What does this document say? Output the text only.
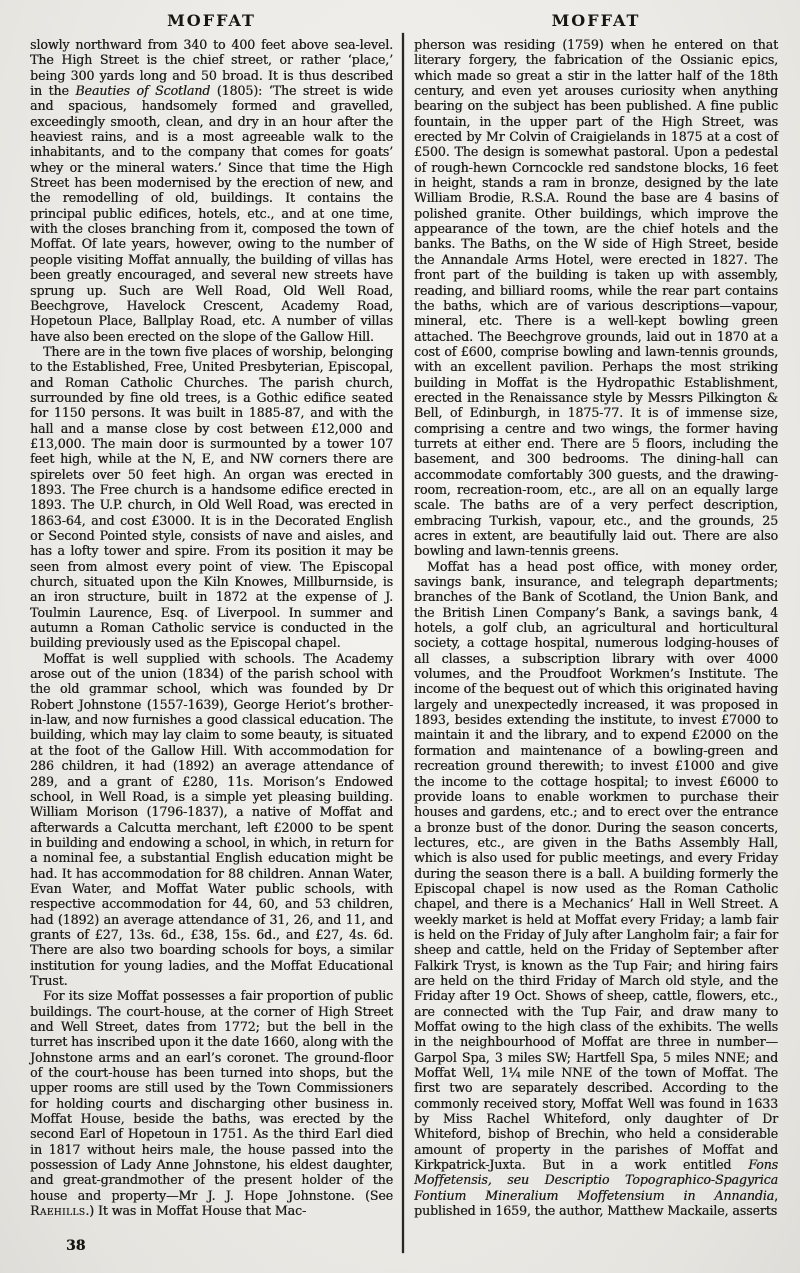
MOFFAT	MOFFAT

slowly northward from 340 to 400 feet above sea-level. The High Street is the chief street, or rather ‘place,’ being 300 yards long and 50 broad. It is thus described in the Beauties of Scotland (1805): ‘The street is wide and spacious, handsomely formed and gravelled, exceedingly smooth, clean, and dry in an hour after the heaviest rains, and is a most agreeable walk to the inhabitants, and to the company that comes for goats’ whey or the mineral waters.’ Since that time the High Street has been modernised by the erection of new, and the remodelling of old, buildings. It contains the principal public edifices, hotels, etc., and at one time, with the closes branching from it, composed the town of Moffat. Of late years, however, owing to the number of people visiting Moffat annually, the building of villas has been greatly encouraged, and several new streets have sprung up. Such are Well Road, Old Well Road, Beechgrove, Havelock Crescent, Academy Road, Hopetoun Place, Ballplay Road, etc. A number of villas have also been erected on the slope of the Gallow Hill.

There are in the town five places of worship, belonging to the Established, Free, United Presbyterian, Episcopal, and Roman Catholic Churches. The parish church, surrounded by fine old trees, is a Gothic edifice seated for 1150 persons. It was built in 1885-87, and with the hall and a manse close by cost between £12,000 and £13,000. The main door is surmounted by a tower 107 feet high, while at the N, E, and NW corners there are spirelets over 50 feet high. An organ was erected in 1893. The Free church is a handsome edifice erected in 1893. The U.P. church, in Old Well Road, was erected in 1863-64, and cost £3000. It is in the Decorated English or Second Pointed style, consists of nave and aisles, and has a lofty tower and spire. From its position it may be seen from almost every point of view. The Episcopal church, situated upon the Kiln Knowes, Millburnside, is an iron structure, built in 1872 at the expense of J. Toulmin Laurence, Esq. of Liverpool. In summer and autumn a Roman Catholic service is conducted in the building previously used as the Episcopal chapel.

Moffat is well supplied with schools. The Academy arose out of the union (1834) of the parish school with the old grammar school, which was founded by Dr Robert Johnstone (1557-1639), George Heriot’s brother-in-law, and now furnishes a good classical education. The building, which may lay claim to some beauty, is situated at the foot of the Gallow Hill. With accommodation for 286 children, it had (1892) an average attendance of 289, and a grant of £280, 11s. Morison’s Endowed school, in Well Road, is a simple yet pleasing building. William Morison (1796-1837), a native of Moffat and afterwards a Calcutta merchant, left £2000 to be spent in building and endowing a school, in which, in return for a nominal fee, a substantial English education might be had. It has accommodation for 88 children. Annan Water, Evan Water, and Moffat Water public schools, with respective accommodation for 44, 60, and 53 children, had (1892) an average attendance of 31, 26, and 11, and grants of £27, 13s. 6d., £38, 15s. 6d., and £27, 4s. 6d. There are also two boarding schools for boys, a similar institution for young ladies, and the Moffat Educational Trust.

For its size Moffat possesses a fair proportion of public buildings. The court-house, at the corner of High Street and Well Street, dates from 1772; but the bell in the turret has inscribed upon it the date 1660, along with the Johnstone arms and an earl’s coronet. The ground-floor of the court-house has been turned into shops, but the upper rooms are still used by the Town Commissioners for holding courts and discharging other business in. Moffat House, beside the baths, was erected by the second Earl of Hopetoun in 1751. As the third Earl died in 1817 without heirs male, the house passed into the possession of Lady Anne Johnstone, his eldest daughter, and great-grandmother of the present holder of the house and property—Mr J. J. Hope Johnstone. (See Raehills.) It was in Moffat House that Mac-

pherson was residing (1759) when he entered on that literary forgery, the fabrication of the Ossianic epics, which made so great a stir in the latter half of the 18th century, and even yet arouses curiosity when anything bearing on the subject has been published. A fine public fountain, in the upper part of the High Street, was erected by Mr Colvin of Craigielands in 1875 at a cost of £500. The design is somewhat pastoral. Upon a pedestal of rough-hewn Corncockle red sandstone blocks, 16 feet in height, stands a ram in bronze, designed by the late William Brodie, R.S.A. Round the base are 4 basins of polished granite. Other buildings, which improve the appearance of the town, are the chief hotels and the banks. The Baths, on the W side of High Street, beside the Annandale Arms Hotel, were erected in 1827. The front part of the building is taken up with assembly, reading, and billiard rooms, while the rear part contains the baths, which are of various descriptions—vapour, mineral, etc. There is a well-kept bowling green attached. The Beechgrove grounds, laid out in 1870 at a cost of £600, comprise bowling and lawn-tennis grounds, with an excellent pavilion. Perhaps the most striking building in Moffat is the Hydropathic Establishment, erected in the Renaissance style by Messrs Pilkington & Bell, of Edinburgh, in 1875-77. It is of immense size, comprising a centre and two wings, the former having turrets at either end. There are 5 floors, including the basement, and 300 bedrooms. The dining-hall can accommodate comfortably 300 guests, and the drawing-room, recreation-room, etc., are all on an equally large scale. The baths are of a very perfect description, embracing Turkish, vapour, etc., and the grounds, 25 acres in extent, are beautifully laid out. There are also bowling and lawn-tennis greens.

Moffat has a head post office, with money order, savings bank, insurance, and telegraph departments; branches of the Bank of Scotland, the Union Bank, and the British Linen Company’s Bank, a savings bank, 4 hotels, a golf club, an agricultural and horticultural society, a cottage hospital, numerous lodging-houses of all classes, a subscription library with over 4000 volumes, and the Proudfoot Workmen’s Institute. The income of the bequest out of which this originated having largely and unexpectedly increased, it was proposed in 1893, besides extending the institute, to invest £7000 to maintain it and the library, and to expend £2000 on the formation and maintenance of a bowling-green and recreation ground therewith; to invest £1000 and give the income to the cottage hospital; to invest £6000 to provide loans to enable workmen to purchase their houses and gardens, etc.; and to erect over the entrance a bronze bust of the donor. During the season concerts, lectures, etc., are given in the Baths Assembly Hall, which is also used for public meetings, and every Friday during the season there is a ball. A building formerly the Episcopal chapel is now used as the Roman Catholic chapel, and there is a Mechanics’ Hall in Well Street. A weekly market is held at Moffat every Friday; a lamb fair is held on the Friday of July after Langholm fair; a fair for sheep and cattle, held on the Friday of September after Falkirk Tryst, is known as the Tup Fair; and hiring fairs are held on the third Friday of March old style, and the Friday after 19 Oct. Shows of sheep, cattle, flowers, etc., are connected with the Tup Fair, and draw many to Moffat owing to the high class of the exhibits. The wells in the neighbourhood of Moffat are three in number—Garpol Spa, 3 miles SW; Hartfell Spa, 5 miles NNE; and Moffat Well, 1¼ mile NNE of the town of Moffat. The first two are separately described. According to the commonly received story, Moffat Well was found in 1633 by Miss Rachel Whiteford, only daughter of Dr Whiteford, bishop of Brechin, who held a considerable amount of property in the parishes of Moffat and Kirkpatrick-Juxta. But in a work entitled Fons Moffetensis, seu Descriptio Topographico-Spagyrica Fontium Mineralium Moffetensium in Annandia, published in 1659, the author, Matthew Mackaile, asserts

38
